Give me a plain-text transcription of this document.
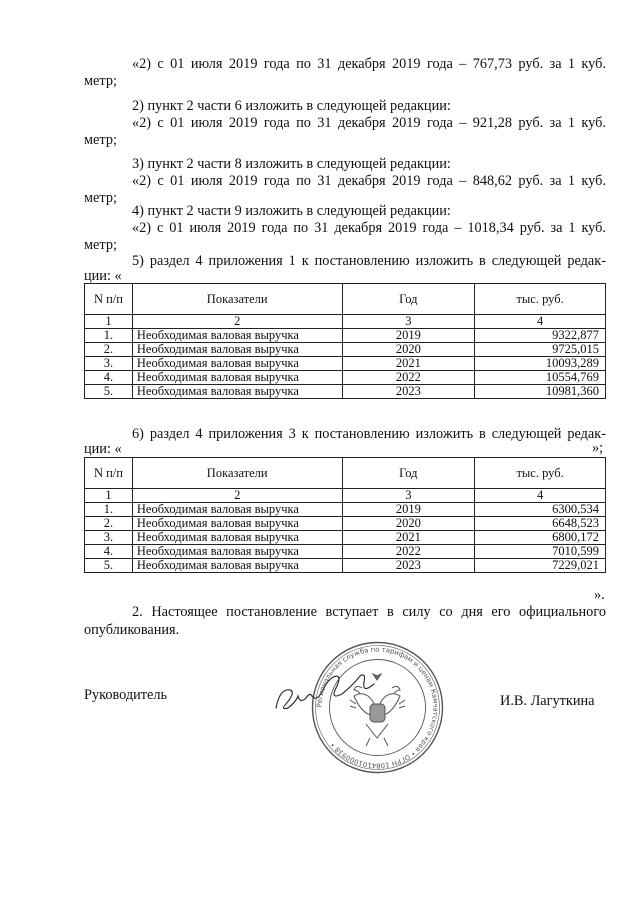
«2) с 01 июля 2019 года по 31 декабря 2019 года – 767,73 руб. за 1 куб.
метр;
2) пункт 2 части 6 изложить в следующей редакции:
«2) с 01 июля 2019 года по 31 декабря 2019 года – 921,28 руб. за 1 куб.
метр;
3) пункт 2 части 8 изложить в следующей редакции:
«2) с 01 июля 2019 года по 31 декабря 2019 года – 848,62 руб. за 1 куб.
метр;
4) пункт 2 части 9 изложить в следующей редакции:
«2) с 01 июля 2019 года по 31 декабря 2019 года – 1018,34 руб. за 1 куб.
метр;
5) раздел 4 приложения 1 к постановлению изложить в следующей редак-
ции: «
N п/п	Показатели	Год	тыс. руб.
1	2	3	4
1.	Необходимая валовая выручка	2019	9322,877
2.	Необходимая валовая выручка	2020	9725,015
3.	Необходимая валовая выручка	2021	10093,289
4.	Необходимая валовая выручка	2022	10554,769
5.	Необходимая валовая выручка	2023	10981,360
»;
6) раздел 4 приложения 3 к постановлению изложить в следующей редак-
ции: «
N п/п	Показатели	Год	тыс. руб.
1	2	3	4
1.	Необходимая валовая выручка	2019	6300,534
2.	Необходимая валовая выручка	2020	6648,523
3.	Необходимая валовая выручка	2021	6800,172
4.	Необходимая валовая выручка	2022	7010,599
5.	Необходимая валовая выручка	2023	7229,021
».
2. Настоящее постановление вступает в силу со дня его официального
опубликования.
Руководитель	И.В. Лагуткина
Региональная служба по тарифам и ценам Камчатского края • ОГРН 1084101000938 •
